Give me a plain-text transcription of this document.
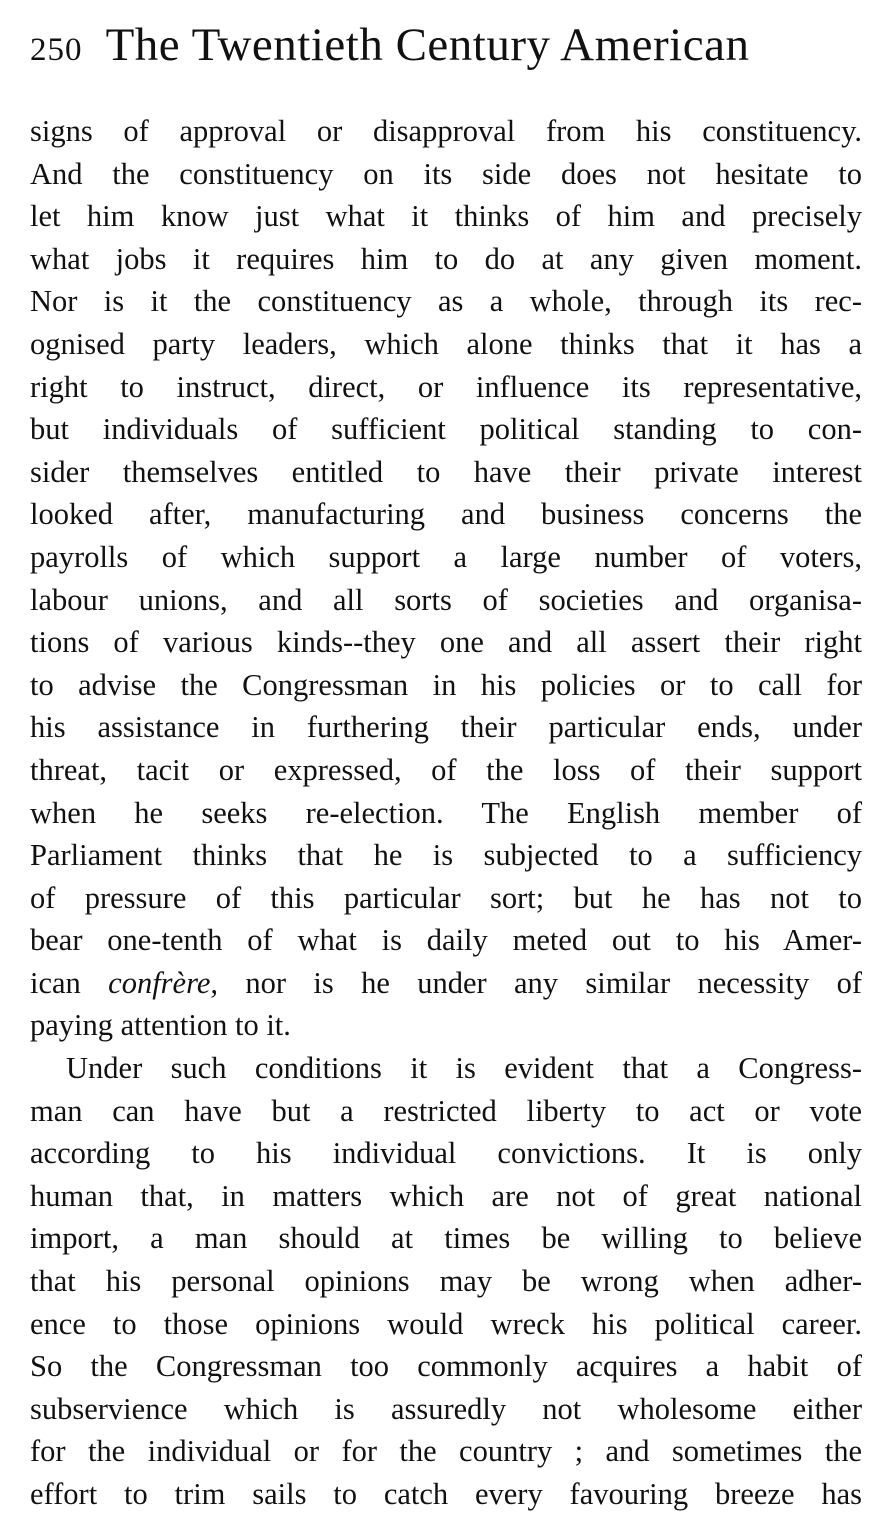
250 The Twentieth Century American
signs of approval or disapproval from his constituency.
And the constituency on its side does not hesitate to
let him know just what it thinks of him and precisely
what jobs it requires him to do at any given moment.
Nor is it the constituency as a whole, through its rec-
ognised party leaders, which alone thinks that it has a
right to instruct, direct, or influence its representative,
but individuals of sufficient political standing to con-
sider themselves entitled to have their private interest
looked after, manufacturing and business concerns the
payrolls of which support a large number of voters,
labour unions, and all sorts of societies and organisa-
tions of various kinds--they one and all assert their right
to advise the Congressman in his policies or to call for
his assistance in furthering their particular ends, under
threat, tacit or expressed, of the loss of their support
when he seeks re-election. The English member of
Parliament thinks that he is subjected to a sufficiency
of pressure of this particular sort; but he has not to
bear one-tenth of what is daily meted out to his Amer-
ican confrère, nor is he under any similar necessity of
paying attention to it.
Under such conditions it is evident that a Congress-
man can have but a restricted liberty to act or vote
according to his individual convictions. It is only
human that, in matters which are not of great national
import, a man should at times be willing to believe
that his personal opinions may be wrong when adher-
ence to those opinions would wreck his political career.
So the Congressman too commonly acquires a habit of
subservience which is assuredly not wholesome either
for the individual or for the country ; and sometimes the
effort to trim sails to catch every favouring breeze has
